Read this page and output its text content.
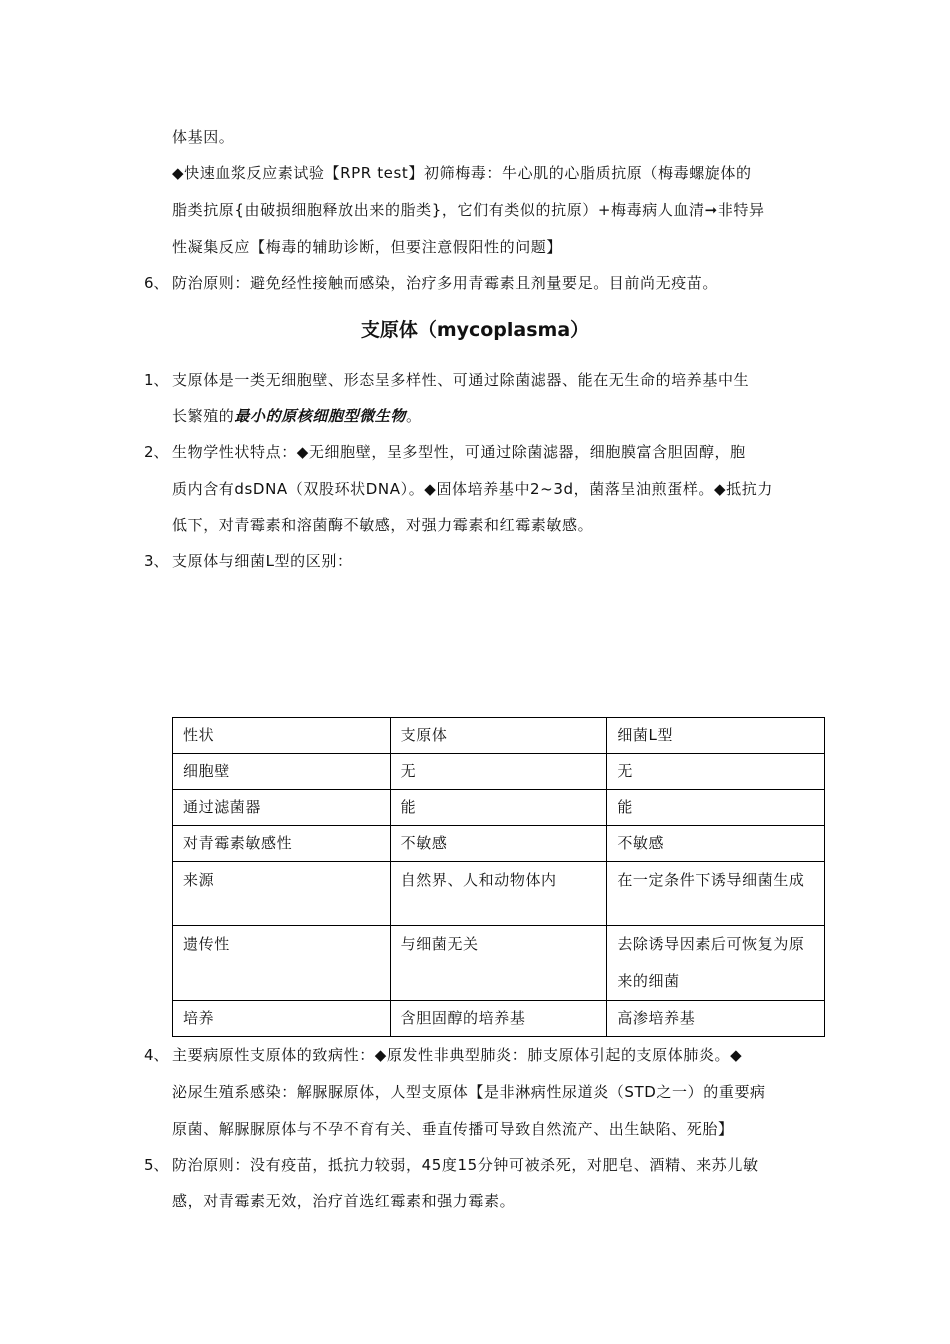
体基因。
◆快速血浆反应素试验【RPR test】初筛梅毒：牛心肌的心脂质抗原（梅毒螺旋体的
脂类抗原{由破损细胞释放出来的脂类}，它们有类似的抗原）+梅毒病人血清➞非特异
性凝集反应【梅毒的辅助诊断，但要注意假阳性的问题】
6、 防治原则：避免经性接触而感染，治疗多用青霉素且剂量要足。目前尚无疫苗。
支原体（mycoplasma）
1、 支原体是一类无细胞壁、形态呈多样性、可通过除菌滤器、能在无生命的培养基中生
长繁殖的最小的原核细胞型微生物。
2、 生物学性状特点：◆无细胞壁，呈多型性，可通过除菌滤器，细胞膜富含胆固醇，胞
质内含有dsDNA（双股环状DNA）。◆固体培养基中2~3d，菌落呈油煎蛋样。◆抵抗力
低下，对青霉素和溶菌酶不敏感，对强力霉素和红霉素敏感。
3、 支原体与细菌L型的区别：
性状	支原体	细菌L型
细胞壁	无	无
通过滤菌器	能	能
对青霉素敏感性	不敏感	不敏感
来源	自然界、人和动物体内	在一定条件下诱导细菌生成
遗传性	与细菌无关	去除诱导因素后可恢复为原来的细菌
培养	含胆固醇的培养基	高渗培养基
4、 主要病原性支原体的致病性：◆原发性非典型肺炎：肺支原体引起的支原体肺炎。◆
泌尿生殖系感染：解脲脲原体，人型支原体【是非淋病性尿道炎（STD之一）的重要病
原菌、解脲脲原体与不孕不育有关、垂直传播可导致自然流产、出生缺陷、死胎】
5、 防治原则：没有疫苗，抵抗力较弱，45度15分钟可被杀死，对肥皂、酒精、来苏儿敏
感，对青霉素无效，治疗首选红霉素和强力霉素。
